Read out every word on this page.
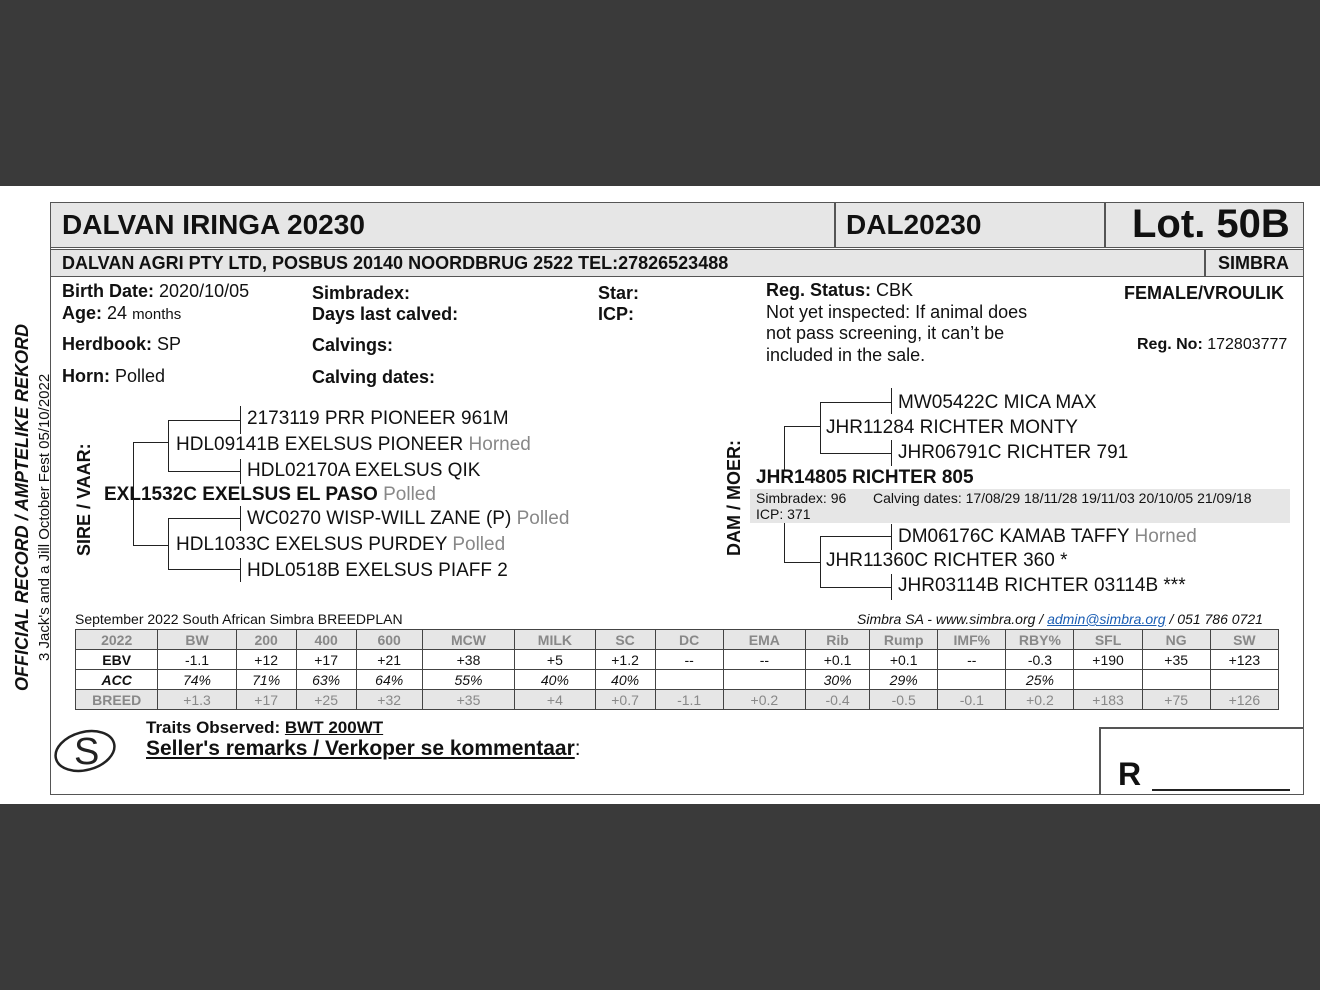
DALVAN IRINGA 20230	DAL20230	Lot. 50B
DALVAN AGRI PTY LTD, POSBUS 20140 NOORDBRUG 2522 TEL:27826523488	SIMBRA
OFFICIAL RECORD / AMPTELIKE REKORD 3 Jack's and a Jill October Fest 05/10/2022
Birth Date: 2020/10/05
Age: 24 months
Herdbook: SP
Horn: Polled
Simbradex:
Days last calved:
Calvings:
Calving dates:
Star:
ICP:
Reg. Status: CBK
Not yet inspected: If animal does
not pass screening, it can’t be
included in the sale.
FEMALE/VROULIK
Reg. No: 172803777
SIRE / VAAR:
2173119 PRR PIONEER 961M
HDL09141B EXELSUS PIONEER Horned
HDL02170A EXELSUS QIK
EXL1532C EXELSUS EL PASO Polled
WC0270 WISP-WILL ZANE (P) Polled
HDL1033C EXELSUS PURDEY Polled
HDL0518B EXELSUS PIAFF 2
DAM / MOER:
MW05422C MICA MAX
JHR11284 RICHTER MONTY
JHR06791C RICHTER 791
JHR14805 RICHTER 805
Simbradex: 96 Calving dates: 17/08/29 18/11/28 19/11/03 20/10/05 21/09/18
ICP: 371
DM06176C KAMAB TAFFY Horned
JHR11360C RICHTER 360 *
JHR03114B RICHTER 03114B ***
September 2022 South African Simbra BREEDPLAN	Simbra SA - www.simbra.org / admin@simbra.org / 051 786 0721
2022	BW	200	400	600	MCW	MILK	SC	DC	EMA	Rib	Rump	IMF%	RBY%	SFL	NG	SW
EBV	-1.1	+12	+17	+21	+38	+5	+1.2	--	--	+0.1	+0.1	--	-0.3	+190	+35	+123
ACC	74%	71%	63%	64%	55%	40%	40%			30%	29%		25%			
BREED	+1.3	+17	+25	+32	+35	+4	+0.7	-1.1	+0.2	-0.4	-0.5	-0.1	+0.2	+183	+75	+126
S
Traits Observed: BWT 200WT
Seller's remarks / Verkoper se kommentaar:
R
